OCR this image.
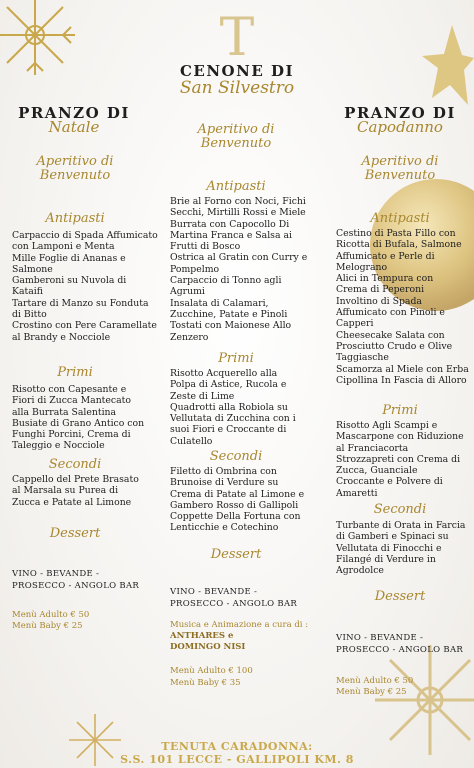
T
CENONE DI
San Silvestro
PRANZO DI
Natale
Aperitivo di
Benvenuto
Antipasti
Carpaccio di Spada Affumicato
con Lamponi e Menta
Mille Foglie di Ananas e
Salmone
Gamberoni su Nuvola di
Kataifi
Tartare di Manzo su Fonduta
di Bitto
Crostino con Pere Caramellate
al Brandy e Nocciole
Primi
Risotto con Capesante e
Fiori di Zucca Mantecato
alla Burrata Salentina
Busiate di Grano Antico con
Funghi Porcini, Crema di
Taleggio e Nocciole
Secondi
Cappello del Prete Brasato
al Marsala su Purea di
Zucca e Patate al Limone
Dessert
VINO - BEVANDE -
PROSECCO - ANGOLO BAR
Menù Adulto € 50
Menù Baby € 25
Aperitivo di
Benvenuto
Antipasti
Brie al Forno con Noci, Fichi
Secchi, Mirtilli Rossi e Miele
Burrata con Capocollo Di
Martina Franca e Salsa ai
Frutti di Bosco
Ostrica al Gratin con Curry e
Pompelmo
Carpaccio di Tonno agli
Agrumi
Insalata di Calamari,
Zucchine, Patate e Pinoli
Tostati con Maionese Allo
Zenzero
Primi
Risotto Acquerello alla
Polpa di Astice, Rucola e
Zeste di Lime
Quadrotti alla Robiola su
Vellutata di Zucchina con i
suoi Fiori e Croccante di
Culatello
Secondi
Filetto di Ombrina con
Brunoise di Verdure su
Crema di Patate al Limone e
Gambero Rosso di Gallipoli
Coppette Della Fortuna con
Lenticchie e Cotechino
Dessert
VINO - BEVANDE -
PROSECCO - ANGOLO BAR
Musica e Animazione a cura di :
ANTHARES e
DOMINGO NISI
Menù Adulto € 100
Menù Baby € 35
PRANZO DI
Capodanno
Aperitivo di
Benvenuto
Antipasti
Cestino di Pasta Fillo con
Ricotta di Bufala, Salmone
Affumicato e Perle di
Melograno
Alici in Tempura con
Crema di Peperoni
Involtino di Spada
Affumicato con Pinoli e
Capperi
Cheesecake Salata con
Prosciutto Crudo e Olive
Taggiasche
Scamorza al Miele con Erba
Cipollina In Fascia di Alloro
Primi
Risotto Agli Scampi e
Mascarpone con Riduzione
al Franciacorta
Strozzapreti con Crema di
Zucca, Guanciale
Croccante e Polvere di
Amaretti
Secondi
Turbante di Orata in Farcia
di Gamberi e Spinaci su
Vellutata di Finocchi e
Filangé di Verdure in
Agrodolce
Dessert
VINO - BEVANDE -
PROSECCO - ANGOLO BAR
Menù Adulto € 50
Menù Baby € 25
TENUTA CARADONNA:
S.S. 101 LECCE - GALLIPOLI KM. 8
